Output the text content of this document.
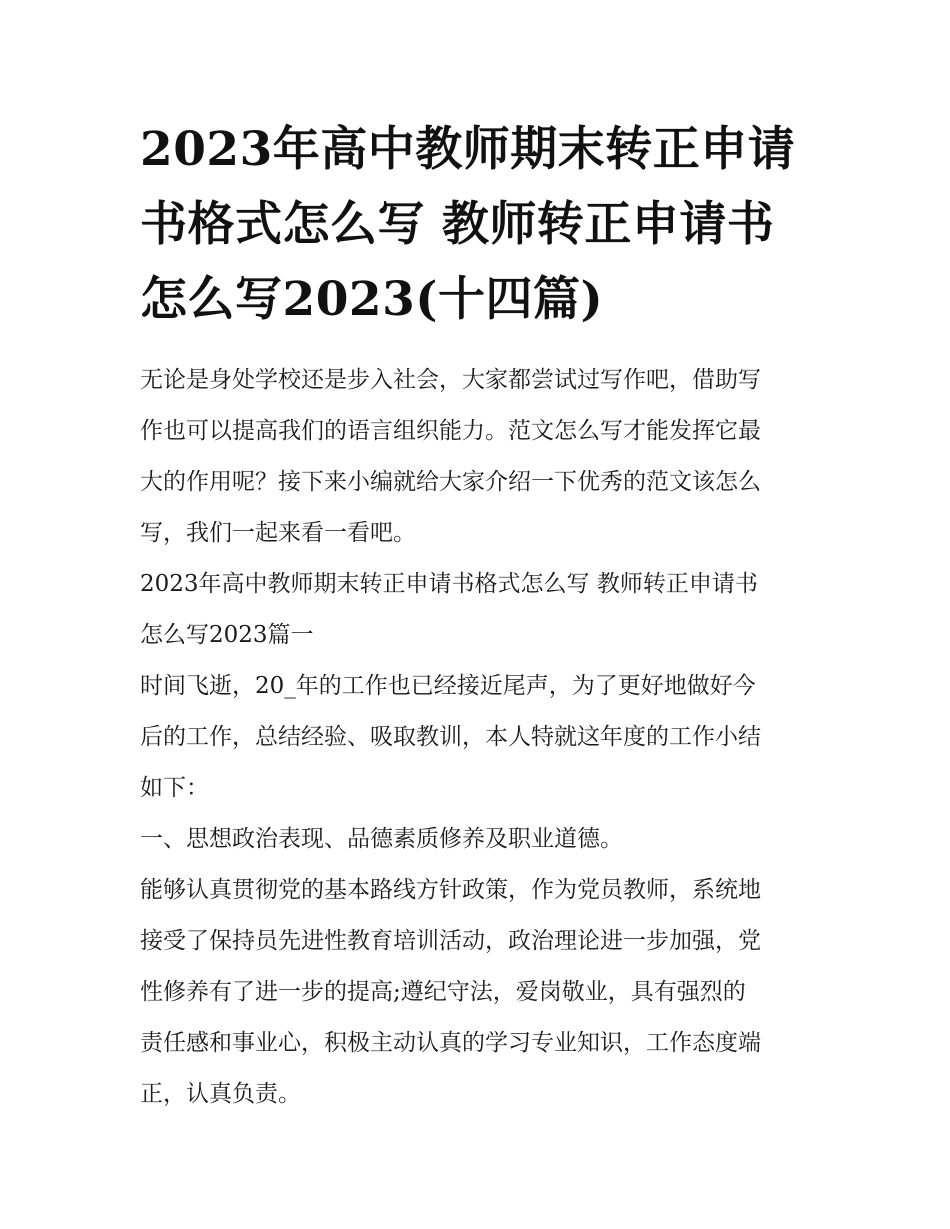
2023年高中教师期末转正申请
书格式怎么写 教师转正申请书
怎么写2023(十四篇)
无论是身处学校还是步入社会，大家都尝试过写作吧，借助写
作也可以提高我们的语言组织能力。范文怎么写才能发挥它最
大的作用呢？接下来小编就给大家介绍一下优秀的范文该怎么
写，我们一起来看一看吧。
2023年高中教师期末转正申请书格式怎么写 教师转正申请书
怎么写2023篇一
时间飞逝，20_年的工作也已经接近尾声，为了更好地做好今
后的工作，总结经验、吸取教训，本人特就这年度的工作小结
如下：
一、思想政治表现、品德素质修养及职业道德。
能够认真贯彻党的基本路线方针政策，作为党员教师，系统地
接受了保持员先进性教育培训活动，政治理论进一步加强，党
性修养有了进一步的提高;遵纪守法，爱岗敬业，具有强烈的
责任感和事业心，积极主动认真的学习专业知识，工作态度端
正，认真负责。
